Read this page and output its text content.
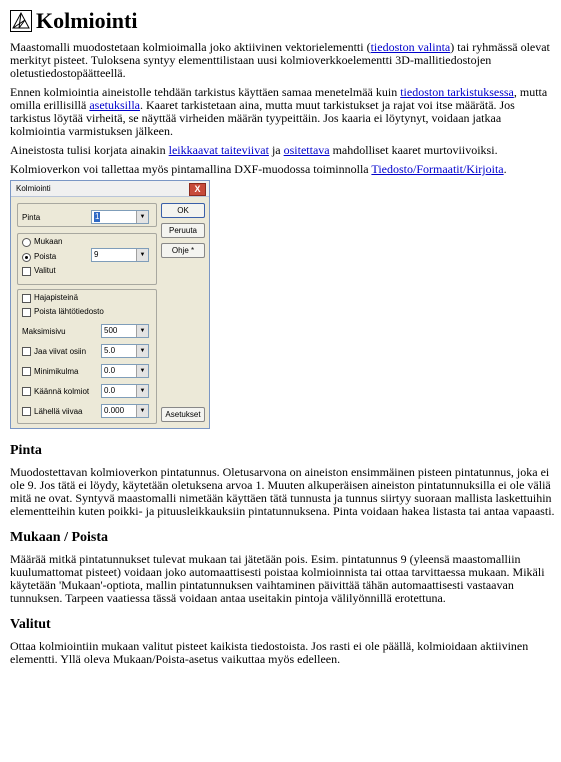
Kolmiointi

Maastomalli muodostetaan kolmioimalla joko aktiivinen vektorielementti (tiedoston valinta) tai ryhmässä olevat merkityt pisteet. Tuloksena syntyy elementtilistaan uusi kolmioverkkoelementti 3D-mallitiedostojen oletustiedostopäätteellä.

Ennen kolmiointia aineistolle tehdään tarkistus käyttäen samaa menetelmää kuin tiedoston tarkistuksessa, mutta omilla erillisillä asetuksilla. Kaaret tarkistetaan aina, mutta muut tarkistukset ja rajat voi itse määrätä. Jos tarkistus löytää virheitä, se näyttää virheiden määrän tyypeittäin. Jos kaaria ei löytynyt, voidaan jatkaa kolmiointia varmistuksen jälkeen.

Aineistosta tulisi korjata ainakin leikkaavat taiteviivat ja ositettava mahdolliset kaaret murtoviivoiksi.

Kolmioverkon voi tallettaa myös pintamallina DXF-muodossa toiminnolla Tiedosto/Formaatit/Kirjoita.

Kolmiointi	X
Pinta	1	▼
Mukaan
Poista	9	▼
Valitut
Hajapisteinä
Poista lähtötiedosto
Maksimisivu	500	▼
Jaa viivat osiin 5.0	▼
Minimikulma	0.0	▼
Käännä kolmiot 0.0	▼
Lähellä viivaa	0.000	▼
OK
Peruuta
Ohje *
Asetukset
Pinta

Muodostettavan kolmioverkon pintatunnus. Oletusarvona on aineiston ensimmäinen pisteen pintatunnus, joka ei ole 9. Jos tätä ei löydy, käytetään oletuksena arvoa 1. Muuten alkuperäisen aineiston pintatunnuksilla ei ole väliä mitä ne ovat. Syntyvä maastomalli nimetään käyttäen tätä tunnusta ja tunnus siirtyy suoraan mallista laskettuihin elementteihin kuten poikki- ja pituusleikkauksiin pintatunnuksena. Pinta voidaan hakea listasta tai antaa vapaasti.

Mukaan / Poista

Määrää mitkä pintatunnukset tulevat mukaan tai jätetään pois. Esim. pintatunnus 9 (yleensä maastomalliin kuulumattomat pisteet) voidaan joko automaattisesti poistaa kolmioinnista tai ottaa tarvittaessa mukaan. Mikäli käytetään 'Mukaan'-optiota, mallin pintatunnuksen vaihtaminen päivittää tähän automaattisesti vastaavan tunnuksen. Tarpeen vaatiessa tässä voidaan antaa useitakin pintoja välilyönnillä erotettuna.

Valitut

Ottaa kolmiointiin mukaan valitut pisteet kaikista tiedostoista. Jos rasti ei ole päällä, kolmioidaan aktiivinen elementti. Yllä oleva Mukaan/Poista-asetus vaikuttaa myös edelleen.
